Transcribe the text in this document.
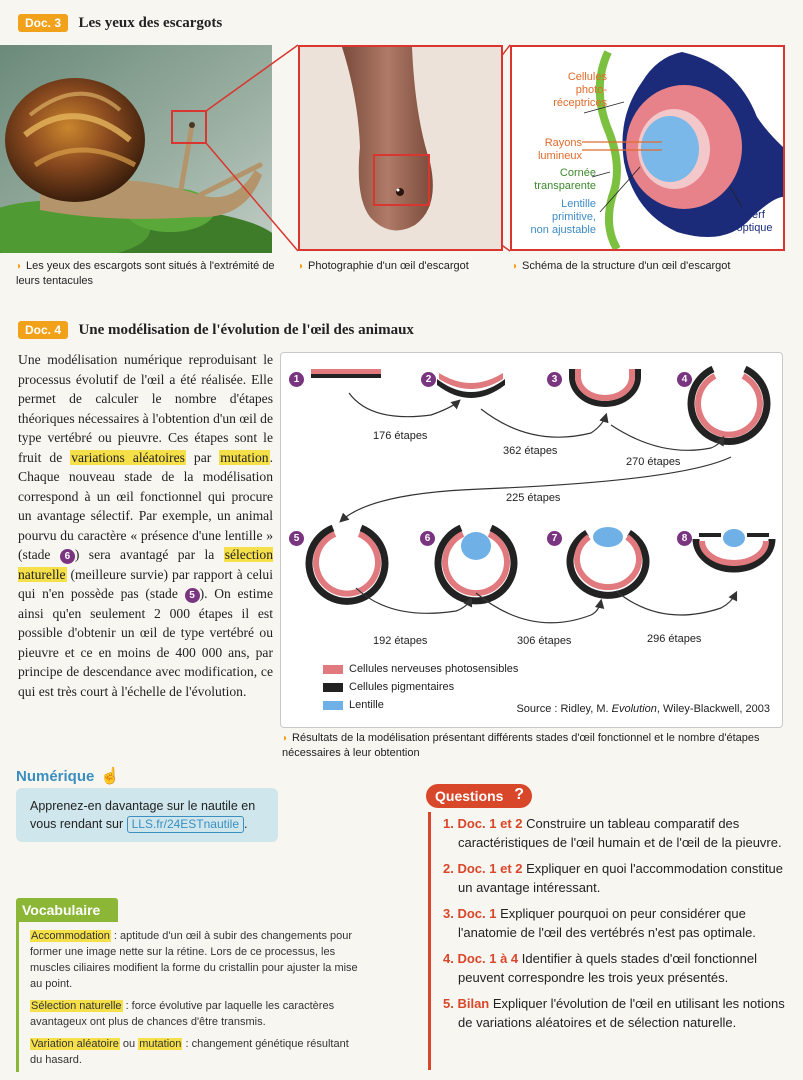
Doc. 3 Les yeux des escargots
Cellules
photo-
réceptrices
Rayons
lumineux
Cornée
transparente
Lentille
primitive,
non ajustable
Nerf
optique
◗ Les yeux des escargots sont situés à l'extrémité de leurs tentacules
◗ Photographie d'un œil d'escargot	◗ Schéma de la structure d'un œil d'escargot
Doc. 4 Une modélisation de l'évolution de l'œil des animaux
Une modélisation numérique reproduisant le processus évolutif de l'œil a été réalisée. Elle permet de calculer le nombre d'étapes théoriques nécessaires à l'obtention d'un œil de type vertébré ou pieuvre. Ces étapes sont le fruit de variations aléatoires par mutation. Chaque nouveau stade de la modélisation correspond à un œil fonctionnel qui procure un avantage sélectif. Par exemple, un animal pourvu du caractère « présence d'une lentille » (stade 6 ) sera avantagé par la sélection naturelle (meilleure survie) par rapport à celui qui n'en possède pas (stade 5 ). On estime ainsi qu'en seulement 2 000 étapes il est possible d'obtenir un œil de type vertébré ou pieuvre et ce en moins de 400 000 ans, par principe de descendance avec modification, ce qui est très court à l'échelle de l'évolution.
1	2	3	4
5	6	7	8
176 étapes
362 étapes
270 étapes
225 étapes
192 étapes	306 étapes	296 étapes
Cellules nerveuses photosensibles
Cellules pigmentaires
Lentille	Source : Ridley, M. Evolution, Wiley-Blackwell, 2003
◗ Résultats de la modélisation présentant différents stades d'œil fonctionnel et le nombre d'étapes nécessaires à leur obtention
Numérique ☝
Apprenez-en davantage sur le nautile en vous rendant sur LLS.fr/24ESTnautile .
Vocabulaire
Accommodation : aptitude d'un œil à subir des changements pour former une image nette sur la rétine. Lors de ce processus, les muscles ciliaires modifient la forme du cristallin pour ajuster la mise au point.
Sélection naturelle : force évolutive par laquelle les caractères avantageux ont plus de chances d'être transmis.
Variation aléatoire ou mutation : changement génétique résultant du hasard.
Questions ?
1. Doc. 1 et 2 Construire un tableau comparatif des caractéristiques de l'œil humain et de l'œil de la pieuvre.
2. Doc. 1 et 2 Expliquer en quoi l'accommodation constitue un avantage intéressant.
3. Doc. 1 Expliquer pourquoi on peur considérer que l'anatomie de l'œil des vertébrés n'est pas optimale.
4. Doc. 1 à 4 Identifier à quels stades d'œil fonctionnel peuvent correspondre les trois yeux présentés.
5. Bilan Expliquer l'évolution de l'œil en utilisant les notions de variations aléatoires et de sélection naturelle.
